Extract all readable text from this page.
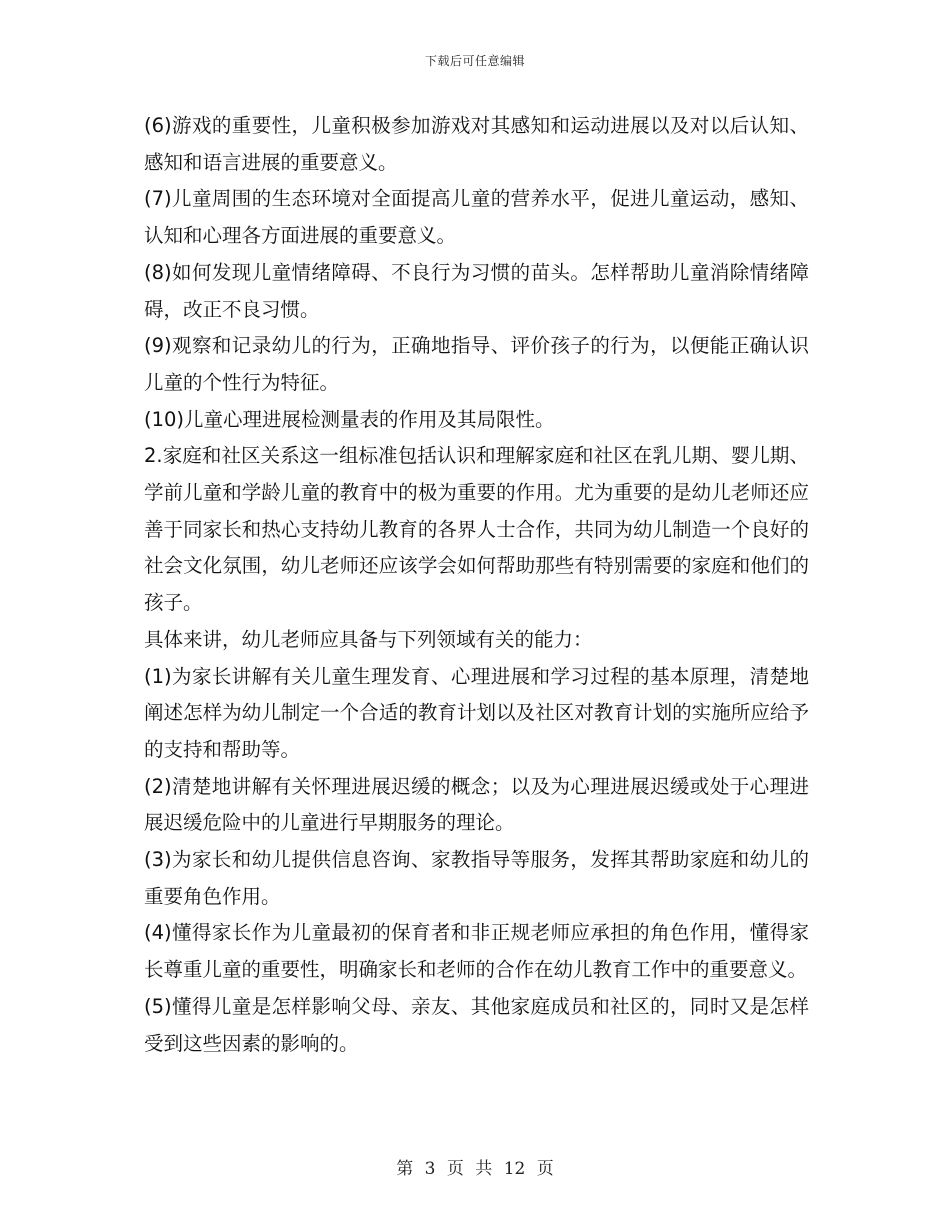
下载后可任意编辑

(6)游戏的重要性，儿童积极参加游戏对其感知和运动进展以及对以后认知、感知和语言进展的重要意义。

(7)儿童周围的生态环境对全面提高儿童的营养水平，促进儿童运动，感知、认知和心理各方面进展的重要意义。

(8)如何发现儿童情绪障碍、不良行为习惯的苗头。怎样帮助儿童消除情绪障碍，改正不良习惯。

(9)观察和记录幼儿的行为，正确地指导、评价孩子的行为，以便能正确认识儿童的个性行为特征。

(10)儿童心理进展检测量表的作用及其局限性。

2.家庭和社区关系这一组标准包括认识和理解家庭和社区在乳儿期、婴儿期、学前儿童和学龄儿童的教育中的极为重要的作用。尤为重要的是幼儿老师还应善于同家长和热心支持幼儿教育的各界人士合作，共同为幼儿制造一个良好的社会文化氛围，幼儿老师还应该学会如何帮助那些有特别需要的家庭和他们的孩子。

具体来讲，幼儿老师应具备与下列领域有关的能力：

(1)为家长讲解有关儿童生理发育、心理进展和学习过程的基本原理，清楚地阐述怎样为幼儿制定一个合适的教育计划以及社区对教育计划的实施所应给予的支持和帮助等。

(2)清楚地讲解有关怀理进展迟缓的概念；以及为心理进展迟缓或处于心理进展迟缓危险中的儿童进行早期服务的理论。

(3)为家长和幼儿提供信息咨询、家教指导等服务，发挥其帮助家庭和幼儿的重要角色作用。

(4)懂得家长作为儿童最初的保育者和非正规老师应承担的角色作用，懂得家长尊重儿童的重要性，明确家长和老师的合作在幼儿教育工作中的重要意义。

(5)懂得儿童是怎样影响父母、亲友、其他家庭成员和社区的，同时又是怎样受到这些因素的影响的。

第 3 页 共 12 页
